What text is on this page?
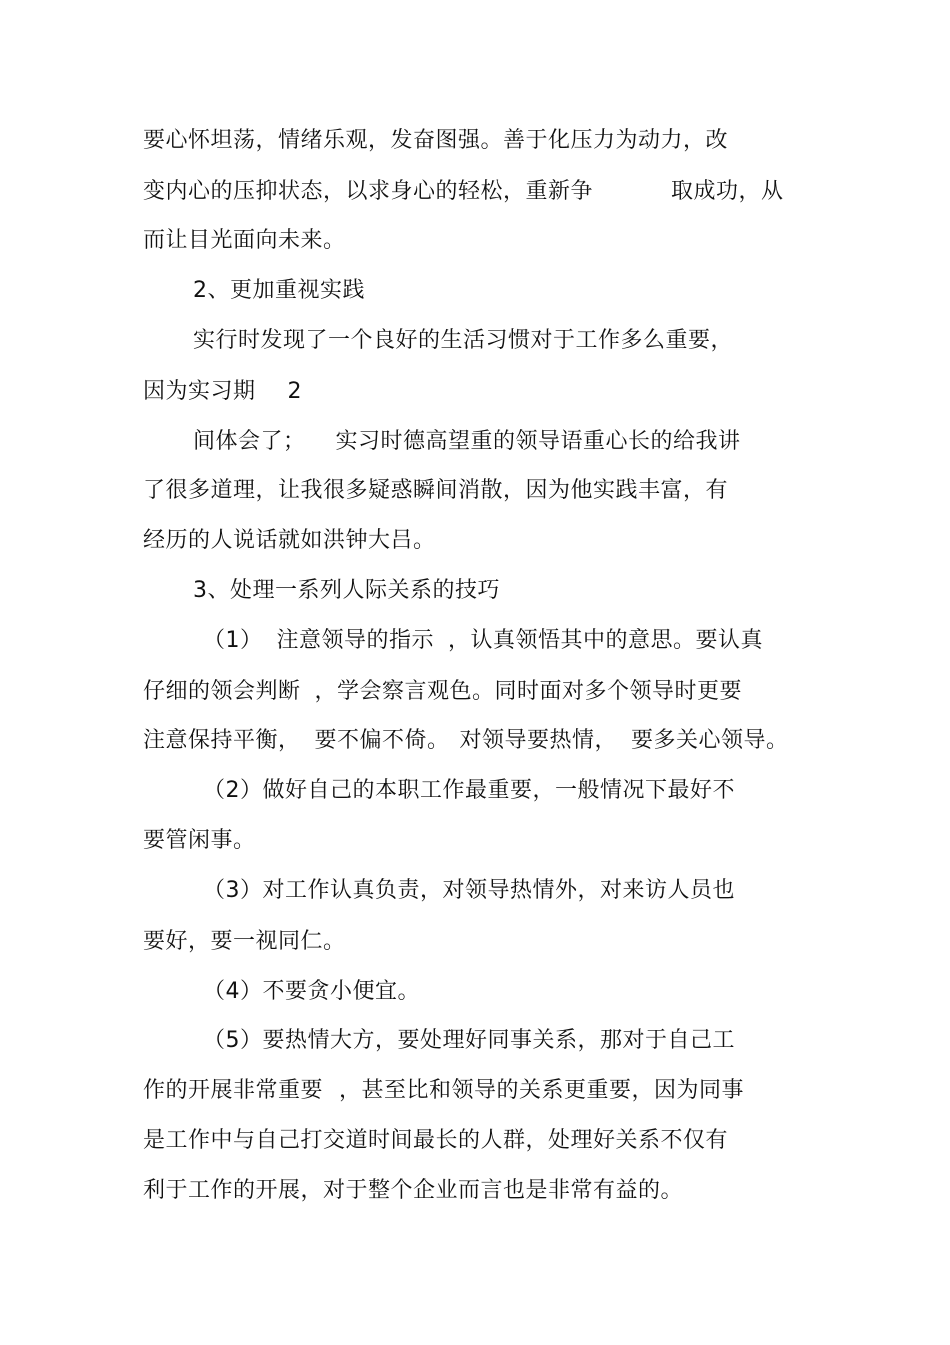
要心怀坦荡，情绪乐观，发奋图强。善于化压力为动力，改
变内心的压抑状态，以求身心的轻松，重新争	取成功，从
而让目光面向未来。
2、更加重视实践
实行时发现了一个良好的生活习惯对于工作多么重要，
因为实习期 2
间体会了； 实习时德高望重的领导语重心长的给我讲
了很多道理，让我很多疑惑瞬间消散，因为他实践丰富，有
经历的人说话就如洪钟大吕。
3、处理一系列人际关系的技巧
（1） 注意领导的指示 ，认真领悟其中的意思。要认真
仔细的领会判断 ，学会察言观色。同时面对多个领导时更要
注意保持平衡， 要不偏不倚。 对领导要热情， 要多关心领导。
（2）做好自己的本职工作最重要，一般情况下最好不
要管闲事。
（3）对工作认真负责，对领导热情外，对来访人员也
要好，要一视同仁。
（4）不要贪小便宜。
（5）要热情大方，要处理好同事关系，那对于自己工
作的开展非常重要 ，甚至比和领导的关系更重要，因为同事
是工作中与自己打交道时间最长的人群，处理好关系不仅有
利于工作的开展，对于整个企业而言也是非常有益的。
